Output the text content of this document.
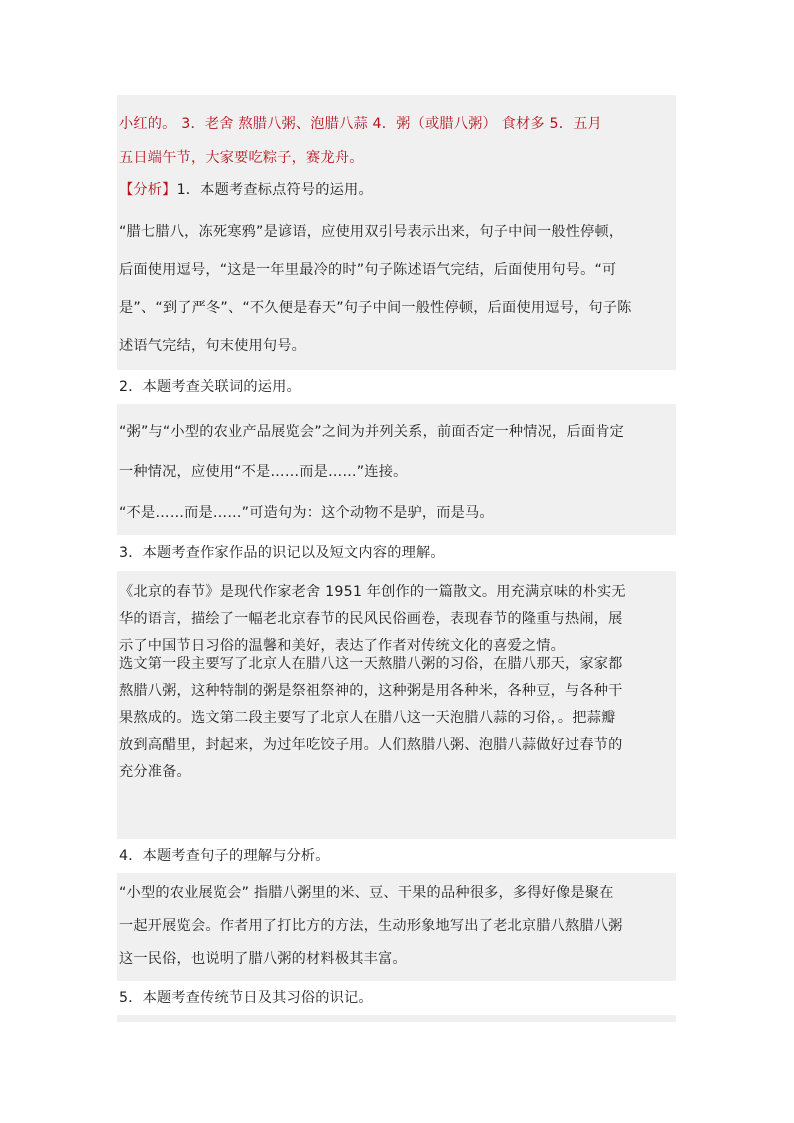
小红的。 3．老舍 熬腊八粥、泡腊八蒜 4．粥（或腊八粥） 食材多 5．五月
五日端午节，大家要吃粽子，赛龙舟。
【分析】1．本题考查标点符号的运用。
“腊七腊八，冻死寒鸦”是谚语，应使用双引号表示出来，句子中间一般性停顿，
后面使用逗号，“这是一年里最冷的时”句子陈述语气完结，后面使用句号。“可
是”、“到了严冬”、“不久便是春天”句子中间一般性停顿，后面使用逗号，句子陈
述语气完结，句末使用句号。
2．本题考查关联词的运用。
“粥”与“小型的农业产品展览会”之间为并列关系，前面否定一种情况，后面肯定
一种情况，应使用“不是……而是……”连接。
“不是……而是……”可造句为：这个动物不是驴，而是马。
3．本题考查作家作品的识记以及短文内容的理解。
《北京的春节》是现代作家老舍 1951 年创作的一篇散文。用充满京味的朴实无
华的语言，描绘了一幅老北京春节的民风民俗画卷，表现春节的隆重与热闹，展
示了中国节日习俗的温馨和美好，表达了作者对传统文化的喜爱之情。
选文第一段主要写了北京人在腊八这一天熬腊八粥的习俗，在腊八那天，家家都
熬腊八粥，这种特制的粥是祭祖祭神的，这种粥是用各种米，各种豆，与各种干
果熬成的。选文第二段主要写了北京人在腊八这一天泡腊八蒜的习俗，。把蒜瓣
放到高醋里，封起来，为过年吃饺子用。人们熬腊八粥、泡腊八蒜做好过春节的
充分准备。
4．本题考查句子的理解与分析。
“小型的农业展览会” 指腊八粥里的米、豆、干果的品种很多，多得好像是聚在
一起开展览会。作者用了打比方的方法，生动形象地写出了老北京腊八熬腊八粥
这一民俗，也说明了腊八粥的材料极其丰富。
5．本题考查传统节日及其习俗的识记。
